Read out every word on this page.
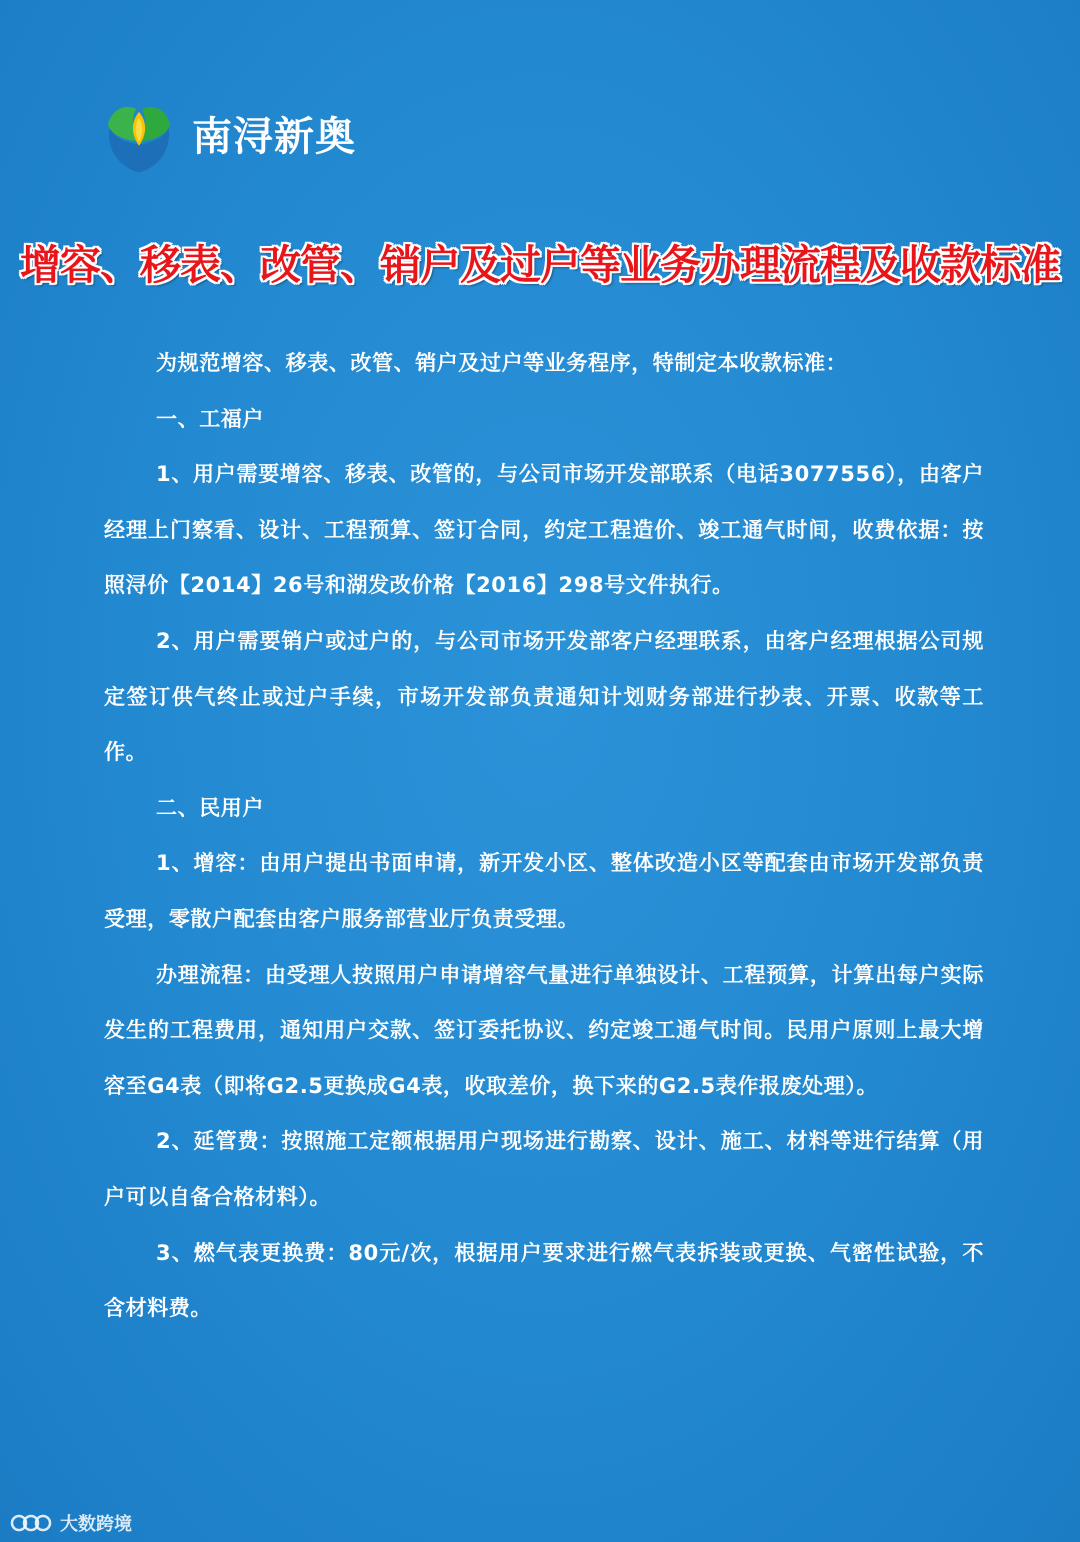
南浔新奥
增容、移表、改管、销户及过户等业务办理流程及收款标准

为规范增容、移表、改管、销户及过户等业务程序，特制定本收款标准：

一、工福户

1、用户需要增容、移表、改管的，与公司市场开发部联系（电话3077556），由客户经理上门察看、设计、工程预算、签订合同，约定工程造价、竣工通气时间，收费依据：按照浔价【2014】26号和湖发改价格【2016】298号文件执行。

2、用户需要销户或过户的，与公司市场开发部客户经理联系，由客户经理根据公司规定签订供气终止或过户手续，市场开发部负责通知计划财务部进行抄表、开票、收款等工作。

二、民用户

1、增容：由用户提出书面申请，新开发小区、整体改造小区等配套由市场开发部负责受理，零散户配套由客户服务部营业厅负责受理。

办理流程：由受理人按照用户申请增容气量进行单独设计、工程预算，计算出每户实际发生的工程费用，通知用户交款、签订委托协议、约定竣工通气时间。民用户原则上最大增容至G4表（即将G2.5更换成G4表，收取差价，换下来的G2.5表作报废处理）。

2、延管费：按照施工定额根据用户现场进行勘察、设计、施工、材料等进行结算（用户可以自备合格材料）。

3、燃气表更换费：80元/次，根据用户要求进行燃气表拆装或更换、气密性试验，不含材料费。

大数跨境
